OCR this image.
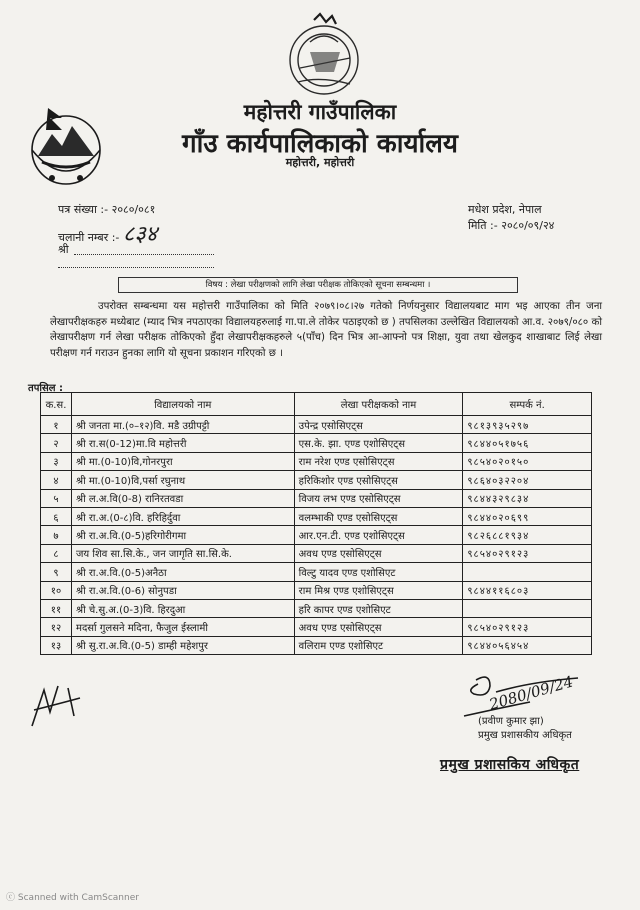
महोत्तरी गाउँपालिका
गाँउ कार्यपालिकाको कार्यालय
महोत्तरी, महोत्तरी
पत्र संख्या :- २०८०/०८१
चलानी नम्बर :- ८३४
मधेश प्रदेश, नेपाल
मिति :- २०८०/०९/२४
श्री
विषय : लेखा परीक्षणको लागि लेखा परीक्षक तोकिएको सूचना सम्बन्धमा ।
उपरोक्त सम्बन्धमा यस महोत्तरी गाउँपालिका को मिति २०७९।०८।२७ गतेको निर्णयनुसार विद्यालयबाट माग भइ आएका तीन जना लेखापरीक्षकहरु मध्येबाट (म्याद भित्र नपठाएका विद्यालयहरुलाई गा.पा.ले तोकेर पठाइएको छ ) तपसिलका उल्लेखित विद्यालयको आ.व. २०७९/०८० को लेखापरीक्षण गर्न लेखा परीक्षक तोकिएको हुँदा लेखापरीक्षकहरुले ५(पाँच) दिन भित्र आ-आफ्नो पत्र शिक्षा, युवा तथा खेलकुद शाखाबाट लिई लेखा परीक्षण गर्न गराउन हुनका लागि यो सूचना प्रकाशन गरिएको छ ।
तपसिल :
क.स.	विद्यालयको नाम	लेखा परीक्षकको नाम	सम्पर्क नं.
१	श्री जनता मा.(०–१२)वि. मडै उग्रीपट्टी	उपेन्द्र एसोसिएट्स	९८१३९३५२९७
२	श्री रा.स(0-12)मा.वि महोत्तरी	एस.के. झा. एण्ड एशोसिएट्स	९८४४०५१७५६
३	श्री मा.(0-10)वि,गोनरपुरा	राम नरेश एण्ड एसोसिएट्स	९८५४०२०१५०
४	श्री मा.(0-10)वि,पर्सा रघुनाथ	हरिकिशोर एण्ड एसोसिएट्स	९८६४०३२२०४
५	श्री ल.अ.वि(0-8) रानिरतवडा	विजय लभ एण्ड एसोसिएट्स	९८४४३२९८३४
६	श्री रा.अ.(0-८)वि. हरिहिर्दुवा	वलम्भाकी एण्ड एसोसिएट्स	९८४४०२०६९९
७	श्री रा.अ.वि.(0-5)हरिगोरीगमा	आर.एन.टी. एण्ड एशोसिएट्स	९८२६८८१९३४
८	जय शिव सा.सि.के., जन जागृति सा.सि.के.	अवध एण्ड एसोसिएट्स	९८५४०२९१२३
९	श्री रा.अ.वि.(0-5)अनैठा	विल्टु यादव एण्ड एशोसिएट	
१०	श्री रा.अ.वि.(0-6) सोनुपडा	राम मिश्र एण्ड एशोसिएट्स	९८४४११६८०३
११	श्री चे.सु.अ.(0-3)वि. हिरदुआ	हरि कापर एण्ड एशोसिएट	
१२	मदर्सा गुलसने मदिना, फैजुल ईस्लामी	अवध एण्ड एसोसिएट्स	९८५४०२९१२३
१३	श्री सु.रा.अ.वि.(0-5) डाम्ही महेशपुर	वलिराम एण्ड एशोसिएट	९८४४०५६४५४
2080/09/24
(प्रवीण कुमार झा)
प्रमुख प्रशासकीय अधिकृत
प्रमुख प्रशासकिय अधिकृत
ⓒ Scanned with CamScanner
